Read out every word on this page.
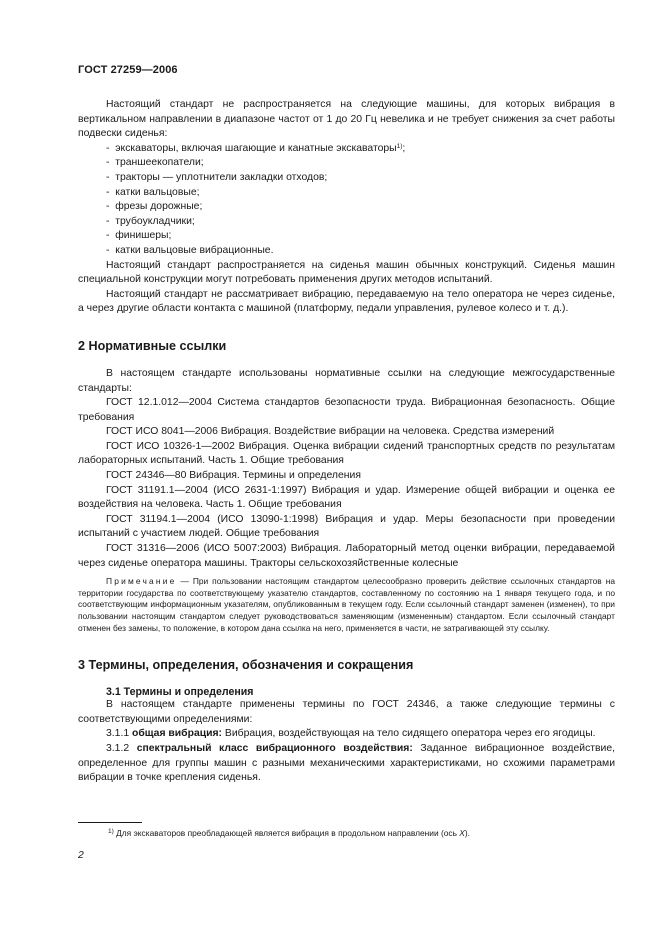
ГОСТ 27259—2006

Настоящий стандарт не распространяется на следующие машины, для которых вибрация в вертикальном направлении в диапазоне частот от 1 до 20 Гц невелика и не требует снижения за счет работы подвески сиденья:

-  экскаваторы, включая шагающие и канатные экскаваторы$^{1)}$;
-  траншеекопатели;
-  тракторы — уплотнители закладки отходов;
-  катки вальцовые;
-  фрезы дорожные;
-  трубоукладчики;
-  финишеры;
-  катки вальцовые вибрационные.

Настоящий стандарт распространяется на сиденья машин обычных конструкций. Сиденья машин специальной конструкции могут потребовать применения других методов испытаний.

Настоящий стандарт не рассматривает вибрацию, передаваемую на тело оператора не через сиденье, а через другие области контакта с машиной (платформу, педали управления, рулевое колесо и т. д.).

2 Нормативные ссылки

В настоящем стандарте использованы нормативные ссылки на следующие межгосударственные стандарты:

ГОСТ 12.1.012—2004 Система стандартов безопасности труда. Вибрационная безопасность. Общие требования

ГОСТ ИСО 8041—2006 Вибрация. Воздействие вибрации на человека. Средства измерений

ГОСТ ИСО 10326-1—2002 Вибрация. Оценка вибрации сидений транспортных средств по результатам лабораторных испытаний. Часть 1. Общие требования

ГОСТ 24346—80 Вибрация. Термины и определения

ГОСТ 31191.1—2004 (ИСО 2631-1:1997) Вибрация и удар. Измерение общей вибрации и оценка ее воздействия на человека. Часть 1. Общие требования

ГОСТ 31194.1—2004 (ИСО 13090-1:1998) Вибрация и удар. Меры безопасности при проведении испытаний с участием людей. Общие требования

ГОСТ 31316—2006 (ИСО 5007:2003) Вибрация. Лабораторный метод оценки вибрации, передаваемой через сиденье оператора машины. Тракторы сельскохозяйственные колесные

Примечание — При пользовании настоящим стандартом целесообразно проверить действие ссылочных стандартов на территории государства по соответствующему указателю стандартов, составленному по состоянию на 1 января текущего года, и по соответствующим информационным указателям, опубликованным в текущем году. Если ссылочный стандарт заменен (изменен), то при пользовании настоящим стандартом следует руководствоваться заменяющим (измененным) стандартом. Если ссылочный стандарт отменен без замены, то положение, в котором дана ссылка на него, применяется в части, не затрагивающей эту ссылку.

3 Термины, определения, обозначения и сокращения

3.1 Термины и определения

В настоящем стандарте применены термины по ГОСТ 24346, а также следующие термины с соответствующими определениями:

3.1.1 общая вибрация: Вибрация, воздействующая на тело сидящего оператора через его ягодицы.

3.1.2 спектральный класс вибрационного воздействия: Заданное вибрационное воздействие, определенное для группы машин с разными механическими характеристиками, но схожими параметрами вибрации в точке крепления сиденья.

$^{1)}$ Для экскаваторов преобладающей является вибрация в продольном направлении (ось X).
2
